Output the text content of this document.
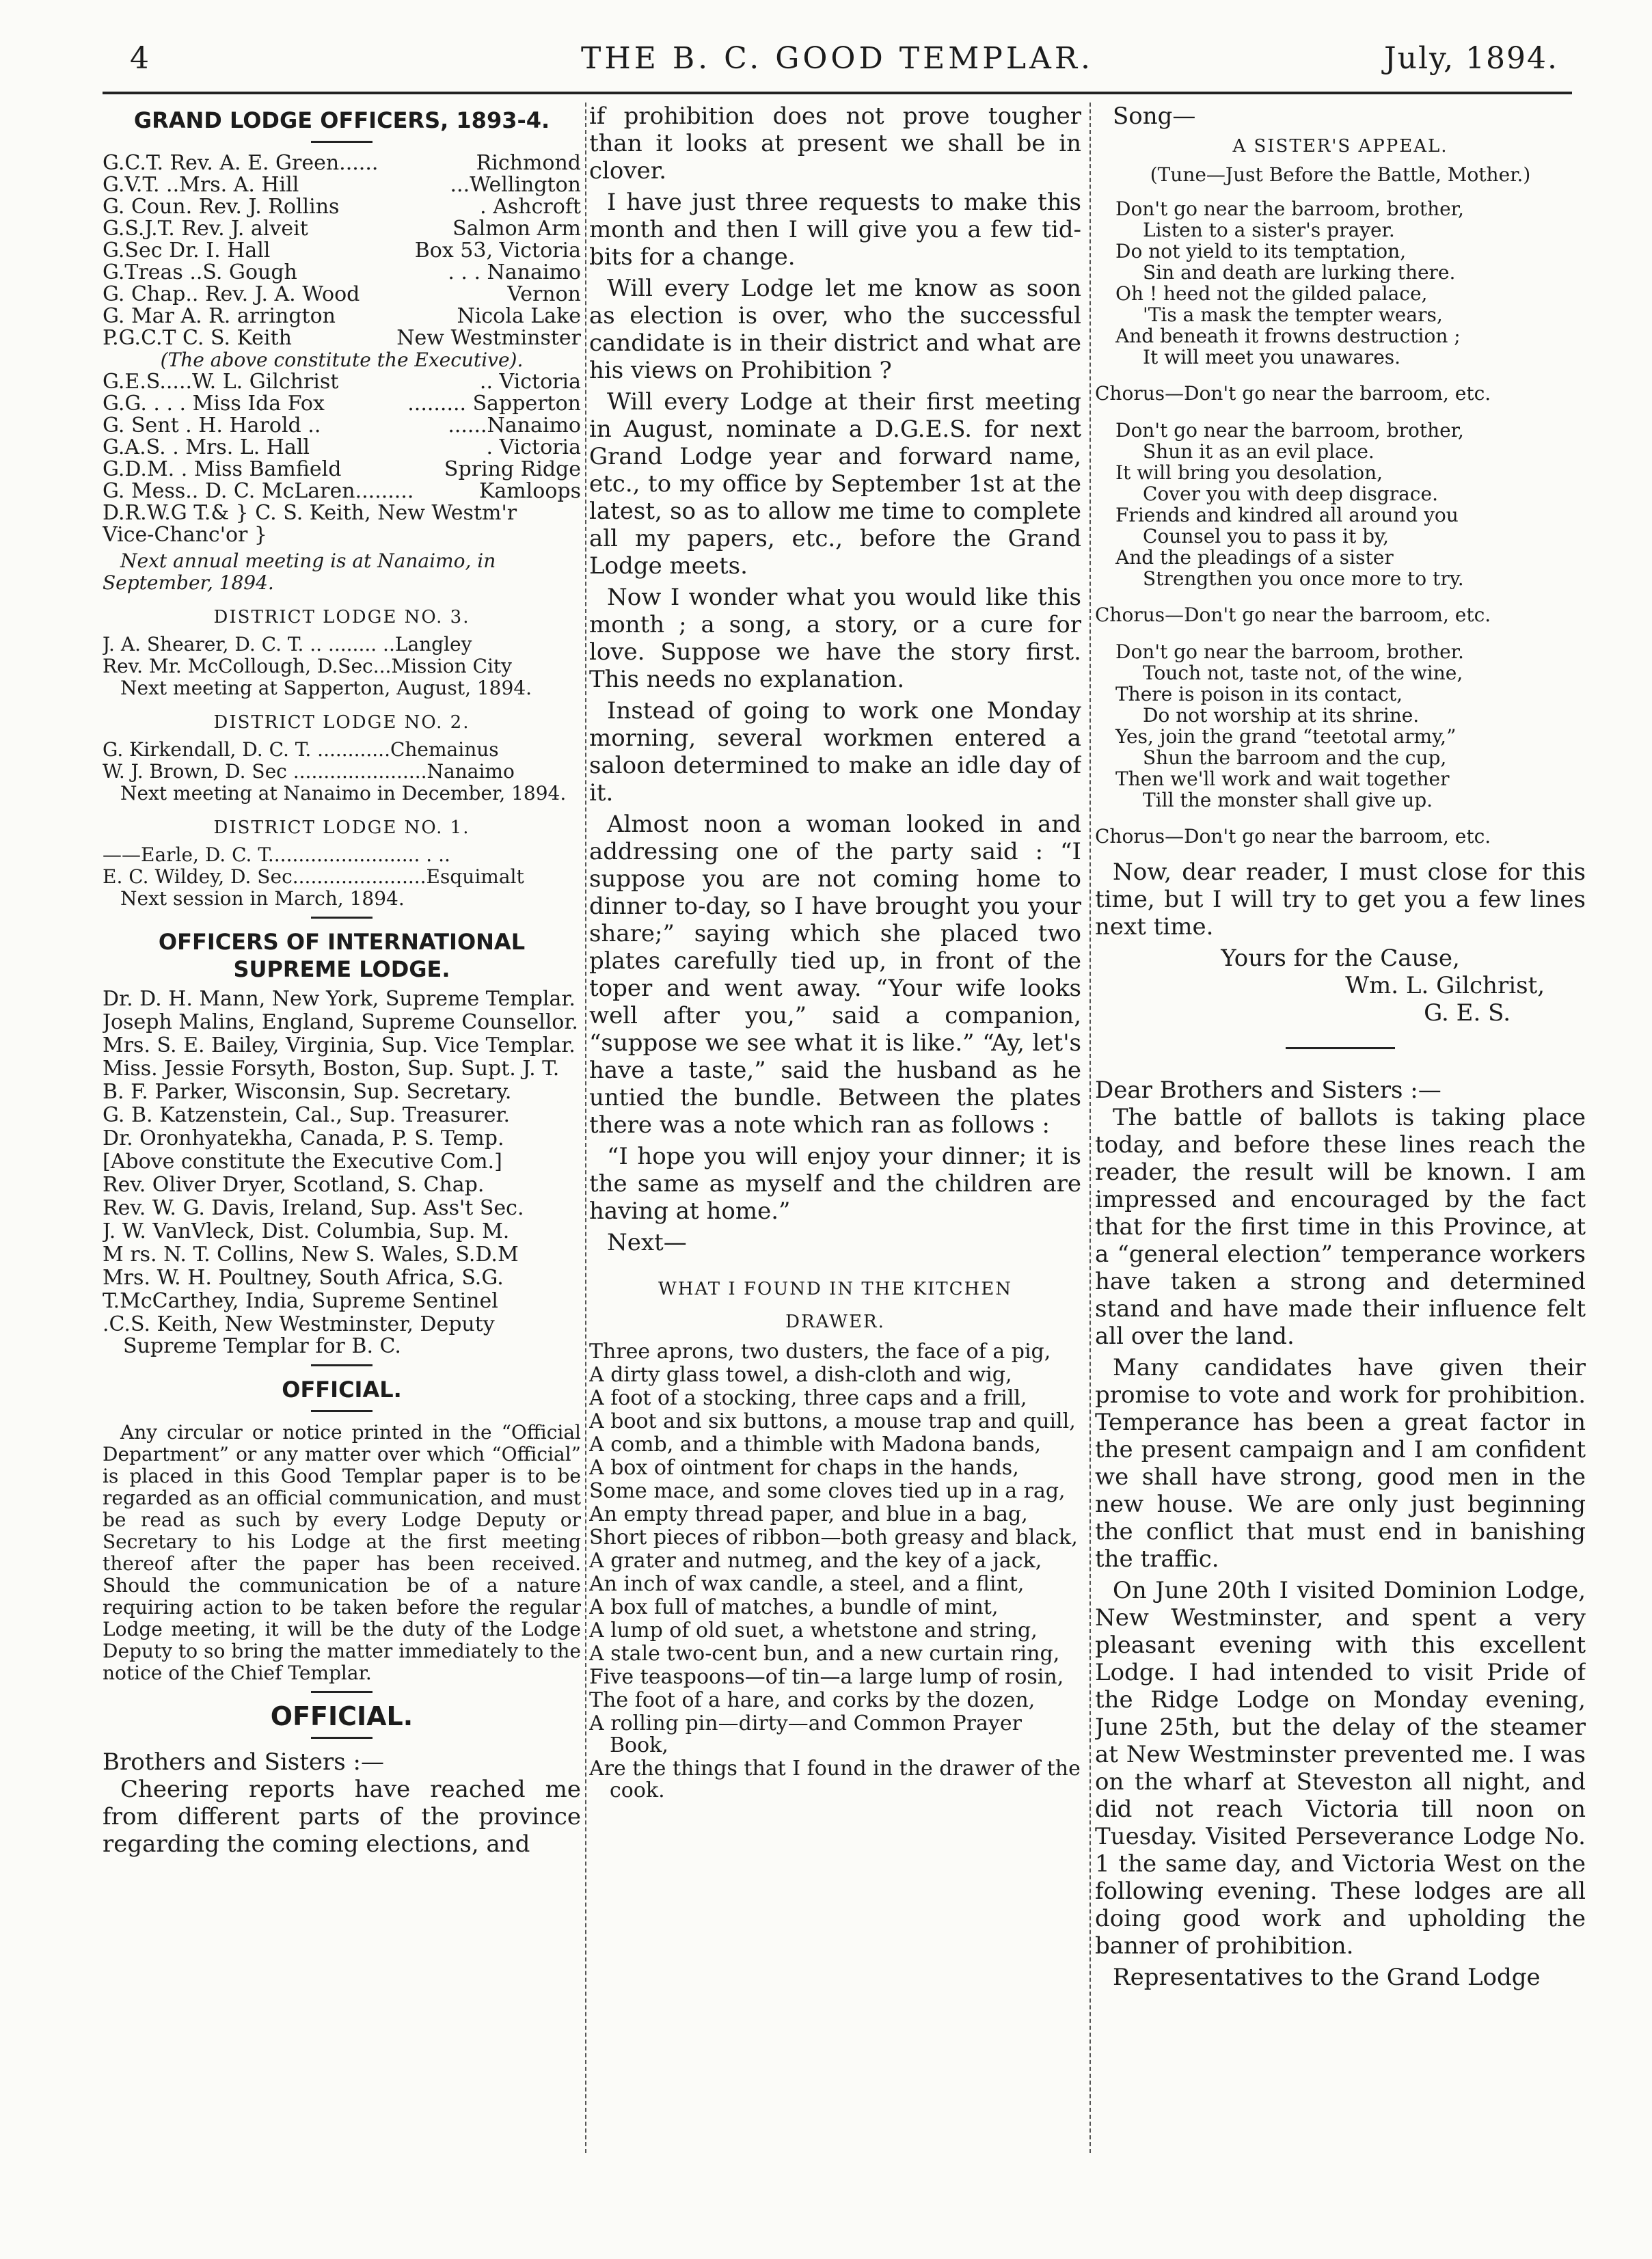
4	THE B. C. GOOD TEMPLAR.	July, 1894.
GRAND LODGE OFFICERS, 1893-4.
G.C.T. Rev. A. E. Green......	Richmond
G.V.T. ..Mrs. A. Hill	...Wellington
G. Coun. Rev. J. Rollins	. Ashcroft
G.S.J.T. Rev. J. alveit	Salmon Arm
G.Sec Dr. I. Hall	Box 53, Victoria
G.Treas ..S. Gough	. . . Nanaimo
G. Chap.. Rev. J. A. Wood	Vernon
G. Mar A. R. arrington	Nicola Lake
P.G.C.T C. S. Keith	New Westminster
(The above constitute the Executive).
G.E.S.....W. L. Gilchrist	.. Victoria
G.G. . . . Miss Ida Fox	......... Sapperton
G. Sent . H. Harold ..	......Nanaimo
G.A.S. . Mrs. L. Hall	. Victoria
G.D.M. . Miss Bamfield	Spring Ridge
G. Mess.. D. C. McLaren.........	Kamloops
D.R.W.G T.& } C. S. Keith, New Westm'r
Vice-Chanc'or }
Next annual meeting is at Nanaimo, in September, 1894.
DISTRICT LODGE NO. 3.
J. A. Shearer, D. C. T. .. ........ ..Langley
Rev. Mr. McCollough, D.Sec...Mission City
Next meeting at Sapperton, August, 1894.
DISTRICT LODGE NO. 2.
G. Kirkendall, D. C. T. ............Chemainus
W. J. Brown, D. Sec ......................Nanaimo
Next meeting at Nanaimo in December, 1894.
DISTRICT LODGE NO. 1.
——Earle, D. C. T......................... . ..
E. C. Wildey, D. Sec......................Esquimalt
Next session in March, 1894.
OFFICERS OF INTERNATIONAL SUPREME LODGE.
Dr. D. H. Mann, New York, Supreme Templar.
Joseph Malins, England, Supreme Counsellor.
Mrs. S. E. Bailey, Virginia, Sup. Vice Templar.
Miss. Jessie Forsyth, Boston, Sup. Supt. J. T.
B. F. Parker, Wisconsin, Sup. Secretary.
G. B. Katzenstein, Cal., Sup. Treasurer.
Dr. Oronhyatekha, Canada, P. S. Temp.
[Above constitute the Executive Com.]
Rev. Oliver Dryer, Scotland, S. Chap.
Rev. W. G. Davis, Ireland, Sup. Ass't Sec.
J. W. VanVleck, Dist. Columbia, Sup. M.
M rs. N. T. Collins, New S. Wales, S.D.M
Mrs. W. H. Poultney, South Africa, S.G.
T.McCarthey, India, Supreme Sentinel
.C.S. Keith, New Westminster, Deputy Supreme Templar for B. C.
OFFICIAL.
Any circular or notice printed in the “Official Department” or any matter over which “Official” is placed in this Good Templar paper is to be regarded as an official communication, and must be read as such by every Lodge Deputy or Secretary to his Lodge at the first meeting thereof after the paper has been received. Should the communication be of a nature requiring action to be taken before the regular Lodge meeting, it will be the duty of the Lodge Deputy to so bring the matter immediately to the notice of the Chief Templar.
OFFICIAL.
Brothers and Sisters :—
Cheering reports have reached me from different parts of the province regarding the coming elections, and
if prohibition does not prove tougher than it looks at present we shall be in clover.
I have just three requests to make this month and then I will give you a few tid-bits for a change.
Will every Lodge let me know as soon as election is over, who the successful candidate is in their district and what are his views on Prohibition ?
Will every Lodge at their first meeting in August, nominate a D.G.E.S. for next Grand Lodge year and forward name, etc., to my office by September 1st at the latest, so as to allow me time to complete all my papers, etc., before the Grand Lodge meets.
Now I wonder what you would like this month ; a song, a story, or a cure for love. Suppose we have the story first. This needs no explanation.
Instead of going to work one Monday morning, several workmen entered a saloon determined to make an idle day of it.
Almost noon a woman looked in and addressing one of the party said : “I suppose you are not coming home to dinner to-day, so I have brought you your share;” saying which she placed two plates carefully tied up, in front of the toper and went away. “Your wife looks well after you,” said a companion, “suppose we see what it is like.” “Ay, let's have a taste,” said the husband as he untied the bundle. Between the plates there was a note which ran as follows :
“I hope you will enjoy your dinner; it is the same as myself and the children are having at home.”
Next—
WHAT I FOUND IN THE KITCHEN DRAWER.
Three aprons, two dusters, the face of a pig,
A dirty glass towel, a dish-cloth and wig,
A foot of a stocking, three caps and a frill,
A boot and six buttons, a mouse trap and quill,
A comb, and a thimble with Madona bands,
A box of ointment for chaps in the hands,
Some mace, and some cloves tied up in a rag,
An empty thread paper, and blue in a bag,
Short pieces of ribbon—both greasy and black,
A grater and nutmeg, and the key of a jack,
An inch of wax candle, a steel, and a flint,
A box full of matches, a bundle of mint,
A lump of old suet, a whetstone and string,
A stale two-cent bun, and a new curtain ring,
Five teaspoons—of tin—a large lump of rosin,
The foot of a hare, and corks by the dozen,
A rolling pin—dirty—and Common Prayer Book,
Are the things that I found in the drawer of the cook.
Song—
A SISTER'S APPEAL.
(Tune—Just Before the Battle, Mother.)
Don't go near the barroom, brother,
Listen to a sister's prayer.
Do not yield to its temptation,
Sin and death are lurking there.
Oh ! heed not the gilded palace,
'Tis a mask the tempter wears,
And beneath it frowns destruction ;
It will meet you unawares.
Chorus—Don't go near the barroom, etc.
Don't go near the barroom, brother,
Shun it as an evil place.
It will bring you desolation,
Cover you with deep disgrace.
Friends and kindred all around you
Counsel you to pass it by,
And the pleadings of a sister
Strengthen you once more to try.
Chorus—Don't go near the barroom, etc.
Don't go near the barroom, brother.
Touch not, taste not, of the wine,
There is poison in its contact,
Do not worship at its shrine.
Yes, join the grand “teetotal army,”
Shun the barroom and the cup,
Then we'll work and wait together
Till the monster shall give up.
Chorus—Don't go near the barroom, etc.
Now, dear reader, I must close for this time, but I will try to get you a few lines next time.
Yours for the Cause,
Wm. L. Gilchrist,
G. E. S.
Dear Brothers and Sisters :—
The battle of ballots is taking place today, and before these lines reach the reader, the result will be known. I am impressed and encouraged by the fact that for the first time in this Province, at a “general election” temperance workers have taken a strong and determined stand and have made their influence felt all over the land.
Many candidates have given their promise to vote and work for prohibition. Temperance has been a great factor in the present campaign and I am confident we shall have strong, good men in the new house. We are only just beginning the conflict that must end in banishing the traffic.
On June 20th I visited Dominion Lodge, New Westminster, and spent a very pleasant evening with this excellent Lodge. I had intended to visit Pride of the Ridge Lodge on Monday evening, June 25th, but the delay of the steamer at New Westminster prevented me. I was on the wharf at Steveston all night, and did not reach Victoria till noon on Tuesday. Visited Perseverance Lodge No. 1 the same day, and Victoria West on the following evening. These lodges are all doing good work and upholding the banner of prohibition.
Representatives to the Grand Lodge
